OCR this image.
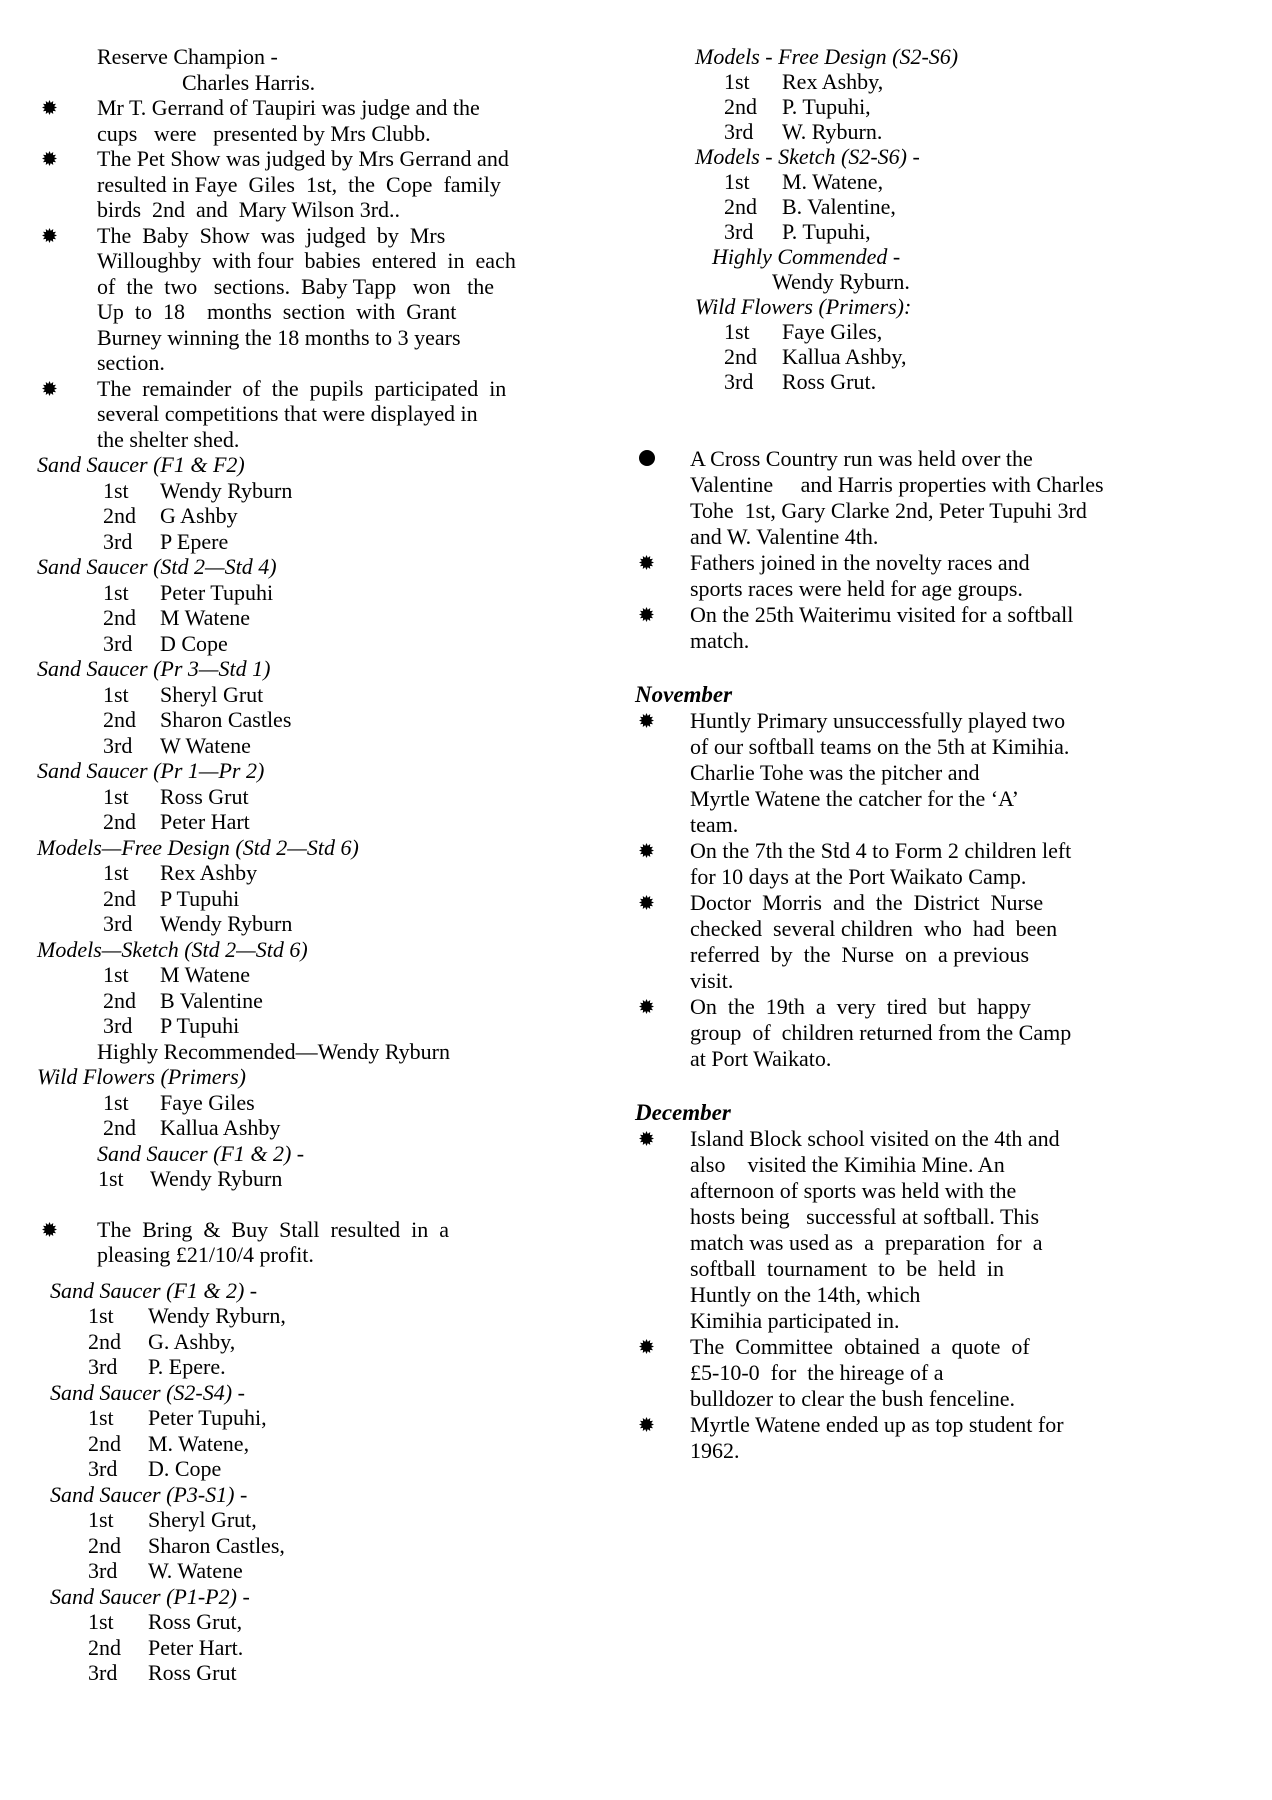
Reserve Champion -
Charles Harris.
Mr T. Gerrand of Taupiri was judge and the
cups   were   presented by Mrs Clubb.
The Pet Show was judged by Mrs Gerrand and
resulted in Faye  Giles  1st,  the  Cope  family
birds  2nd  and  Mary Wilson 3rd..
The  Baby  Show  was  judged  by  Mrs
Willoughby  with four  babies  entered  in  each
of  the  two   sections.  Baby Tapp   won   the
Up  to  18    months  section  with  Grant
Burney winning the 18 months to 3 years
section.
The  remainder  of  the  pupils  participated  in
several competitions that were displayed in
the shelter shed.
Sand Saucer (F1 & F2)
1st	Wendy Ryburn
2nd	G Ashby
3rd	P Epere
Sand Saucer (Std 2—Std 4)
1st	Peter Tupuhi
2nd	M Watene
3rd	D Cope
Sand Saucer (Pr 3—Std 1)
1st	Sheryl Grut
2nd	Sharon Castles
3rd	W Watene
Sand Saucer (Pr 1—Pr 2)
1st	Ross Grut
2nd	Peter Hart
Models—Free Design (Std 2—Std 6)
1st	Rex Ashby
2nd	P Tupuhi
3rd	Wendy Ryburn
Models—Sketch (Std 2—Std 6)
1st	M Watene
2nd	B Valentine
3rd	P Tupuhi
Highly Recommended—Wendy Ryburn
Wild Flowers (Primers)
1st	Faye Giles
2nd	Kallua Ashby
Sand Saucer (F1 & 2) -
1st	Wendy Ryburn
The  Bring  &  Buy  Stall  resulted  in  a
pleasing £21/10/4 profit.
Sand Saucer (F1 & 2) -
1st	Wendy Ryburn,
2nd	G. Ashby,
3rd	P. Epere.
Sand Saucer (S2-S4) -
1st	Peter Tupuhi,
2nd	M. Watene,
3rd	D. Cope
Sand Saucer (P3-S1) -
1st	Sheryl Grut,
2nd	Sharon Castles,
3rd	W. Watene
Sand Saucer (P1-P2) -
1st	Ross Grut,
2nd	Peter Hart.
3rd	Ross Grut
Models - Free Design (S2-S6)
1st	Rex Ashby,
2nd	P. Tupuhi,
3rd	W. Ryburn.
Models - Sketch (S2-S6) -
1st	M. Watene,
2nd	B. Valentine,
3rd	P. Tupuhi,
Highly Commended -
Wendy Ryburn.
Wild Flowers (Primers):
1st	Faye Giles,
2nd	Kallua Ashby,
3rd	Ross Grut.
A Cross Country run was held over the
Valentine     and Harris properties with Charles
Tohe  1st, Gary Clarke 2nd, Peter Tupuhi 3rd
and W. Valentine 4th.
Fathers joined in the novelty races and
sports races were held for age groups.
On the 25th Waiterimu visited for a softball
match.
November
Huntly Primary unsuccessfully played two
of our softball teams on the 5th at Kimihia.
Charlie Tohe was the pitcher and
Myrtle Watene the catcher for the ‘A’
team.
On the 7th the Std 4 to Form 2 children left
for 10 days at the Port Waikato Camp.
Doctor  Morris  and  the  District  Nurse
checked  several children  who  had  been
referred  by  the  Nurse  on  a previous
visit.
On  the  19th  a  very  tired  but  happy
group  of  children returned from the Camp
at Port Waikato.
December
Island Block school visited on the 4th and
also    visited the Kimihia Mine. An
afternoon of sports was held with the
hosts being   successful at softball. This
match was used as  a  preparation  for  a
softball  tournament  to  be  held  in
Huntly on the 14th, which
Kimihia participated in.
The  Committee  obtained  a  quote  of
£5-10-0  for  the hireage of a
bulldozer to clear the bush fenceline.
Myrtle Watene ended up as top student for
1962.
